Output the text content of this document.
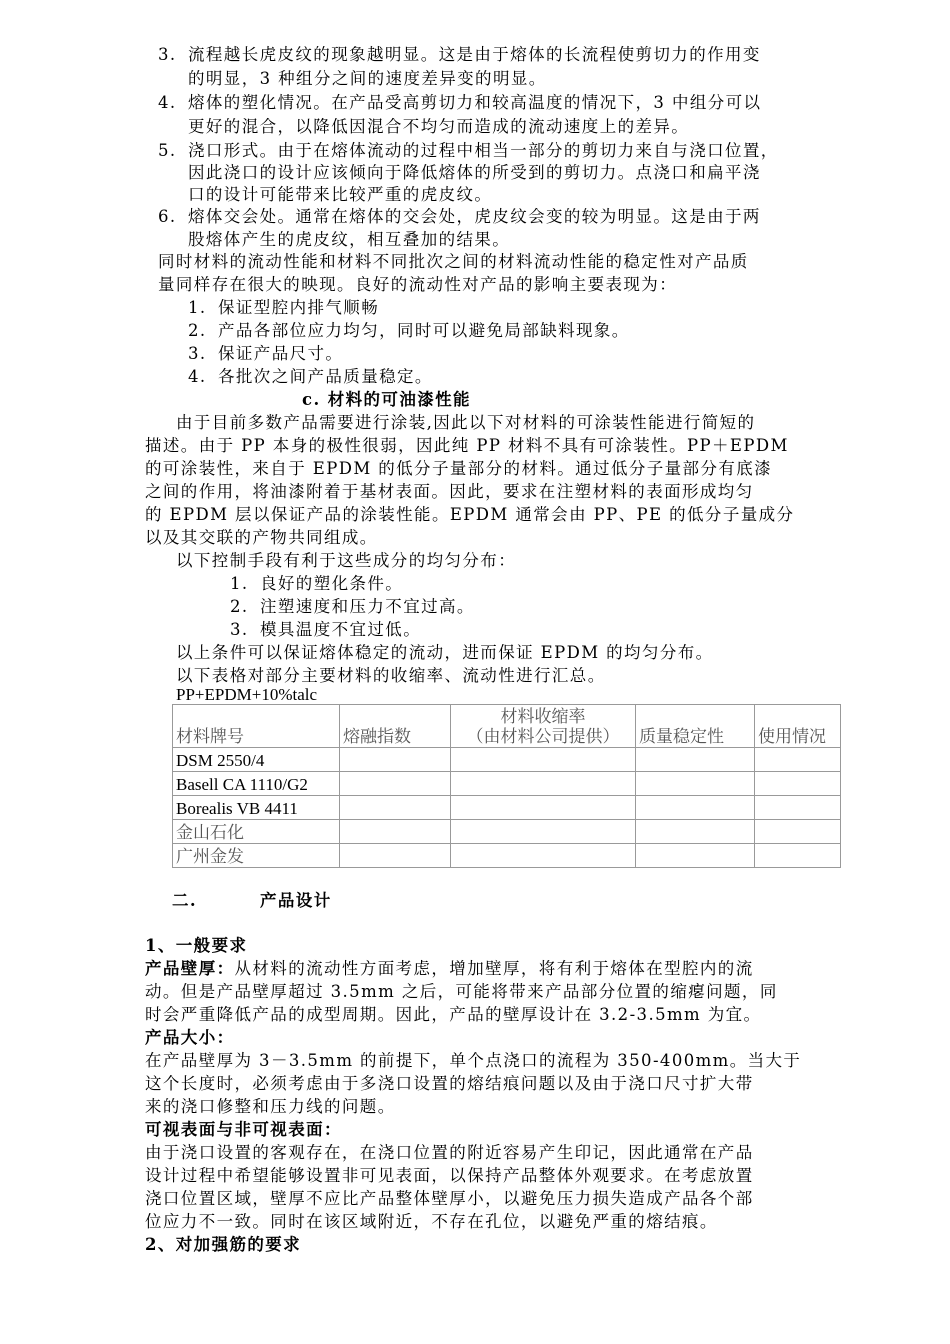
3. 流程越长虎皮纹的现象越明显。这是由于熔体的长流程使剪切力的作用变
的明显，3 种组分之间的速度差异变的明显。
4. 熔体的塑化情况。在产品受高剪切力和较高温度的情况下，3 中组分可以
更好的混合，以降低因混合不均匀而造成的流动速度上的差异。
5. 浇口形式。由于在熔体流动的过程中相当一部分的剪切力来自与浇口位置，
因此浇口的设计应该倾向于降低熔体的所受到的剪切力。点浇口和扁平浇
口的设计可能带来比较严重的虎皮纹。
6. 熔体交会处。通常在熔体的交会处，虎皮纹会变的较为明显。这是由于两
股熔体产生的虎皮纹，相互叠加的结果。
同时材料的流动性能和材料不同批次之间的材料流动性能的稳定性对产品质
量同样存在很大的映现。良好的流动性对产品的影响主要表现为：
1. 保证型腔内排气顺畅
2. 产品各部位应力均匀，同时可以避免局部缺料现象。
3. 保证产品尺寸。
4. 各批次之间产品质量稳定。
c. 材料的可油漆性能
由于目前多数产品需要进行涂装,因此以下对材料的可涂装性能进行简短的
描述。由于 PP 本身的极性很弱，因此纯 PP 材料不具有可涂装性。PP＋EPDM
的可涂装性，来自于 EPDM 的低分子量部分的材料。通过低分子量部分有底漆
之间的作用，将油漆附着于基材表面。因此，要求在注塑材料的表面形成均匀
的 EPDM 层以保证产品的涂装性能。EPDM 通常会由 PP、PE 的低分子量成分
以及其交联的产物共同组成。
以下控制手段有利于这些成分的均匀分布：
1. 良好的塑化条件。
2. 注塑速度和压力不宜过高。
3. 模具温度不宜过低。
以上条件可以保证熔体稳定的流动，进而保证 EPDM 的均匀分布。
以下表格对部分主要材料的收缩率、流动性进行汇总。
PP+EPDM+10%talc
材料牌号	熔融指数	材料收缩率
（由材料公司提供）	质量稳定性	使用情况
DSM 2550/4				
Basell CA 1110/G2				
Borealis VB 4411				
金山石化				
广州金发				
二.	产品设计
1、一般要求
产品壁厚：从材料的流动性方面考虑，增加壁厚，将有利于熔体在型腔内的流
动。但是产品壁厚超过 3.5mm 之后，可能将带来产品部分位置的缩瘪问题，同
时会严重降低产品的成型周期。因此，产品的壁厚设计在 3.2-3.5mm 为宜。
产品大小：
在产品壁厚为 3－3.5mm 的前提下，单个点浇口的流程为 350-400mm。当大于
这个长度时，必须考虑由于多浇口设置的熔结痕问题以及由于浇口尺寸扩大带
来的浇口修整和压力线的问题。
可视表面与非可视表面：
由于浇口设置的客观存在，在浇口位置的附近容易产生印记，因此通常在产品
设计过程中希望能够设置非可见表面，以保持产品整体外观要求。在考虑放置
浇口位置区域，壁厚不应比产品整体壁厚小，以避免压力损失造成产品各个部
位应力不一致。同时在该区域附近，不存在孔位，以避免严重的熔结痕。
2、对加强筋的要求
